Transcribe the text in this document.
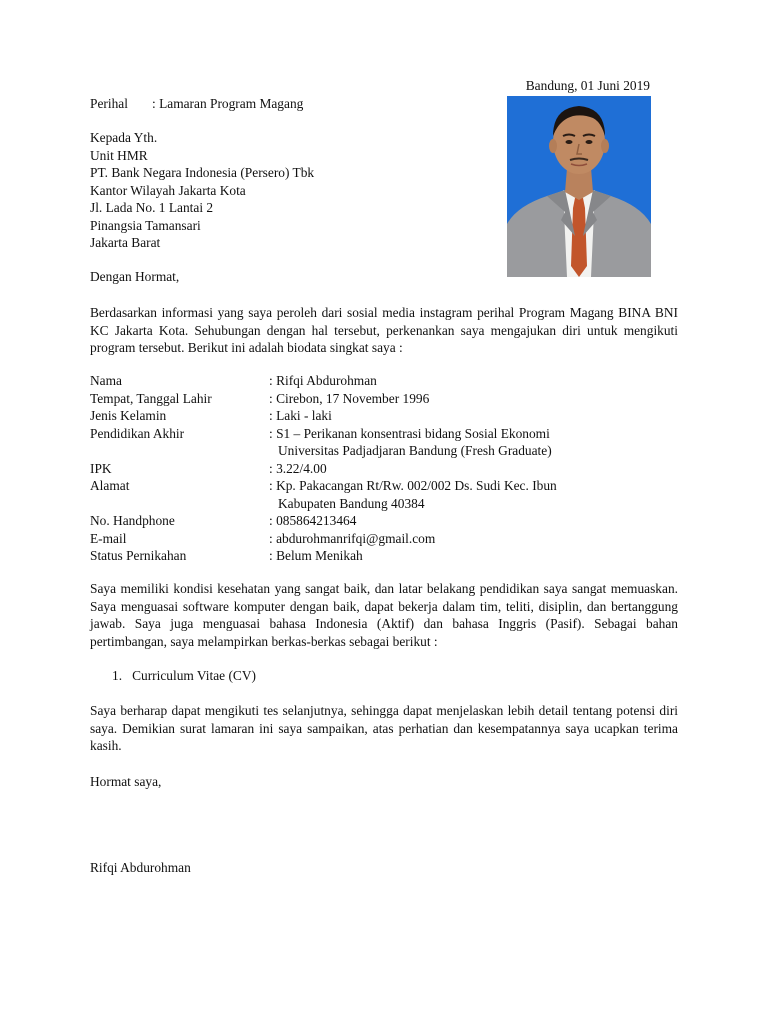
Bandung, 01 Juni 2019
Perihal : Lamaran Program Magang
Kepada Yth.
Unit HMR
PT. Bank Negara Indonesia (Persero) Tbk
Kantor Wilayah Jakarta Kota
Jl. Lada No. 1 Lantai 2
Pinangsia Tamansari
Jakarta Barat
Dengan Hormat,
Berdasarkan informasi yang saya peroleh dari sosial media instagram perihal Program Magang BINA BNI KC Jakarta Kota. Sehubungan dengan hal tersebut, perkenankan saya mengajukan diri untuk mengikuti program tersebut. Berikut ini adalah biodata singkat saya :
Nama	: Rifqi Abdurohman
Tempat, Tanggal Lahir	: Cirebon, 17 November 1996
Jenis Kelamin	: Laki - laki
Pendidikan Akhir	: S1 – Perikanan konsentrasi bidang Sosial Ekonomi
Universitas Padjadjaran Bandung (Fresh Graduate)
IPK	: 3.22/4.00
Alamat	: Kp. Pakacangan Rt/Rw. 002/002 Ds. Sudi Kec. Ibun
Kabupaten Bandung 40384
No. Handphone	: 085864213464
E-mail	: abdurohmanrifqi@gmail.com
Status Pernikahan	: Belum Menikah
Saya memiliki kondisi kesehatan yang sangat baik, dan latar belakang pendidikan saya sangat memuaskan. Saya menguasai software komputer dengan baik, dapat bekerja dalam tim, teliti, disiplin, dan bertanggung jawab. Saya juga menguasai bahasa Indonesia (Aktif) dan bahasa Inggris (Pasif). Sebagai bahan pertimbangan, saya melampirkan berkas-berkas sebagai berikut :
1.   Curriculum Vitae (CV)
Saya berharap dapat mengikuti tes selanjutnya, sehingga dapat menjelaskan lebih detail tentang potensi diri saya. Demikian surat lamaran ini saya sampaikan, atas perhatian dan kesempatannya saya ucapkan terima kasih.
Hormat saya,
Rifqi Abdurohman
